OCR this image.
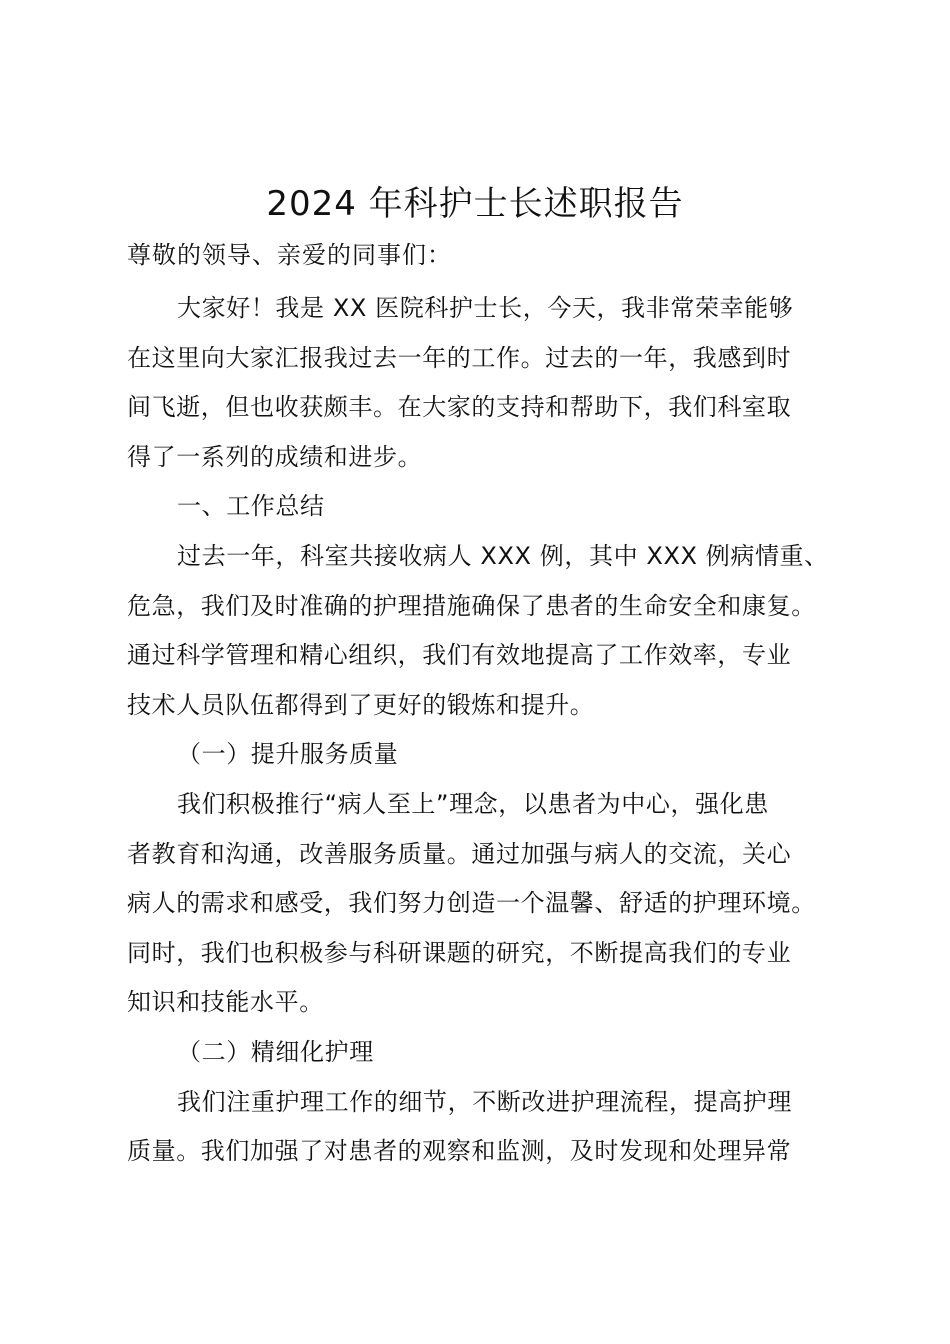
2024 年科护士长述职报告
尊敬的领导、亲爱的同事们：
大家好！我是 XX 医院科护士长，今天，我非常荣幸能够
在这里向大家汇报我过去一年的工作。过去的一年，我感到时
间飞逝，但也收获颇丰。在大家的支持和帮助下，我们科室取
得了一系列的成绩和进步。
一、工作总结
过去一年，科室共接收病人 XXX 例，其中 XXX 例病情重、
危急，我们及时准确的护理措施确保了患者的生命安全和康复。
通过科学管理和精心组织，我们有效地提高了工作效率，专业
技术人员队伍都得到了更好的锻炼和提升。
（一）提升服务质量
我们积极推行“病人至上”理念，以患者为中心，强化患
者教育和沟通，改善服务质量。通过加强与病人的交流，关心
病人的需求和感受，我们努力创造一个温馨、舒适的护理环境。
同时，我们也积极参与科研课题的研究，不断提高我们的专业
知识和技能水平。
（二）精细化护理
我们注重护理工作的细节，不断改进护理流程，提高护理
质量。我们加强了对患者的观察和监测，及时发现和处理异常
